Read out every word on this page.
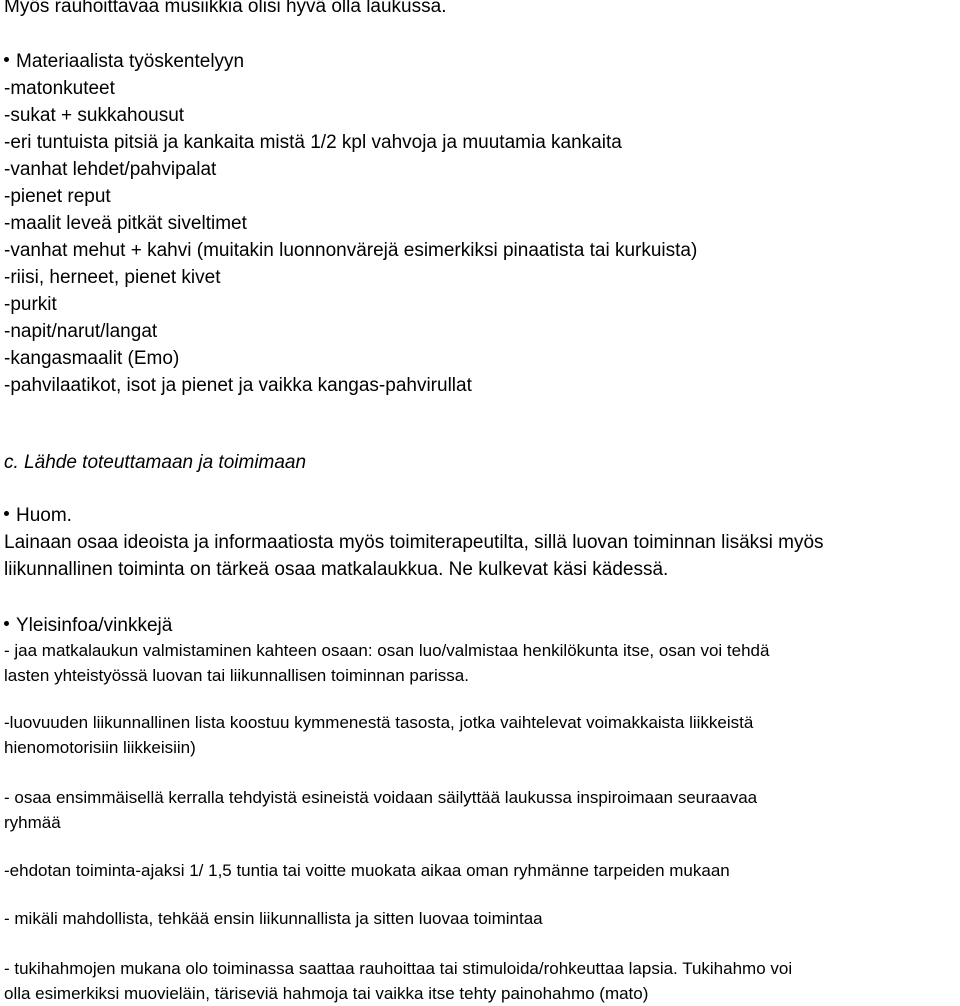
Myös rauhoittavaa musiikkia olisi hyvä olla laukussa.
Materiaalista työskentelyyn
-matonkuteet
-sukat + sukkahousut
-eri tuntuista pitsiä ja kankaita mistä 1/2 kpl vahvoja ja muutamia kankaita
-vanhat lehdet/pahvipalat
-pienet reput
-maalit leveä pitkät siveltimet
-vanhat mehut + kahvi (muitakin luonnonvärejä esimerkiksi pinaatista tai kurkuista)
-riisi, herneet, pienet kivet
-purkit
-napit/narut/langat
-kangasmaalit (Emo)
-pahvilaatikot, isot ja pienet ja vaikka kangas-pahvirullat
c. Lähde toteuttamaan ja toimimaan
Huom.
Lainaan osaa ideoista ja informaatiosta myös toimiterapeutilta, sillä luovan toiminnan lisäksi myös
liikunnallinen toiminta on tärkeä osaa matkalaukkua. Ne kulkevat käsi kädessä.
Yleisinfoa/vinkkejä
- jaa matkalaukun valmistaminen kahteen osaan: osan luo/valmistaa henkilökunta itse, osan voi tehdä
lasten yhteistyössä luovan tai liikunnallisen toiminnan parissa.
-luovuuden liikunnallinen lista koostuu kymmenestä tasosta, jotka vaihtelevat voimakkaista liikkeistä
hienomotorisiin liikkeisiin)
- osaa ensimmäisellä kerralla tehdyistä esineistä voidaan säilyttää laukussa inspiroimaan seuraavaa
ryhmää
-ehdotan toiminta-ajaksi 1/ 1,5 tuntia tai voitte muokata aikaa oman ryhmänne tarpeiden mukaan
- mikäli mahdollista, tehkää ensin liikunnallista ja sitten luovaa toimintaa
- tukihahmojen mukana olo toiminassa saattaa rauhoittaa tai stimuloida/rohkeuttaa lapsia. Tukihahmo voi
olla esimerkiksi muovieläin, täriseviä hahmoja tai vaikka itse tehty painohahmo (mato)
